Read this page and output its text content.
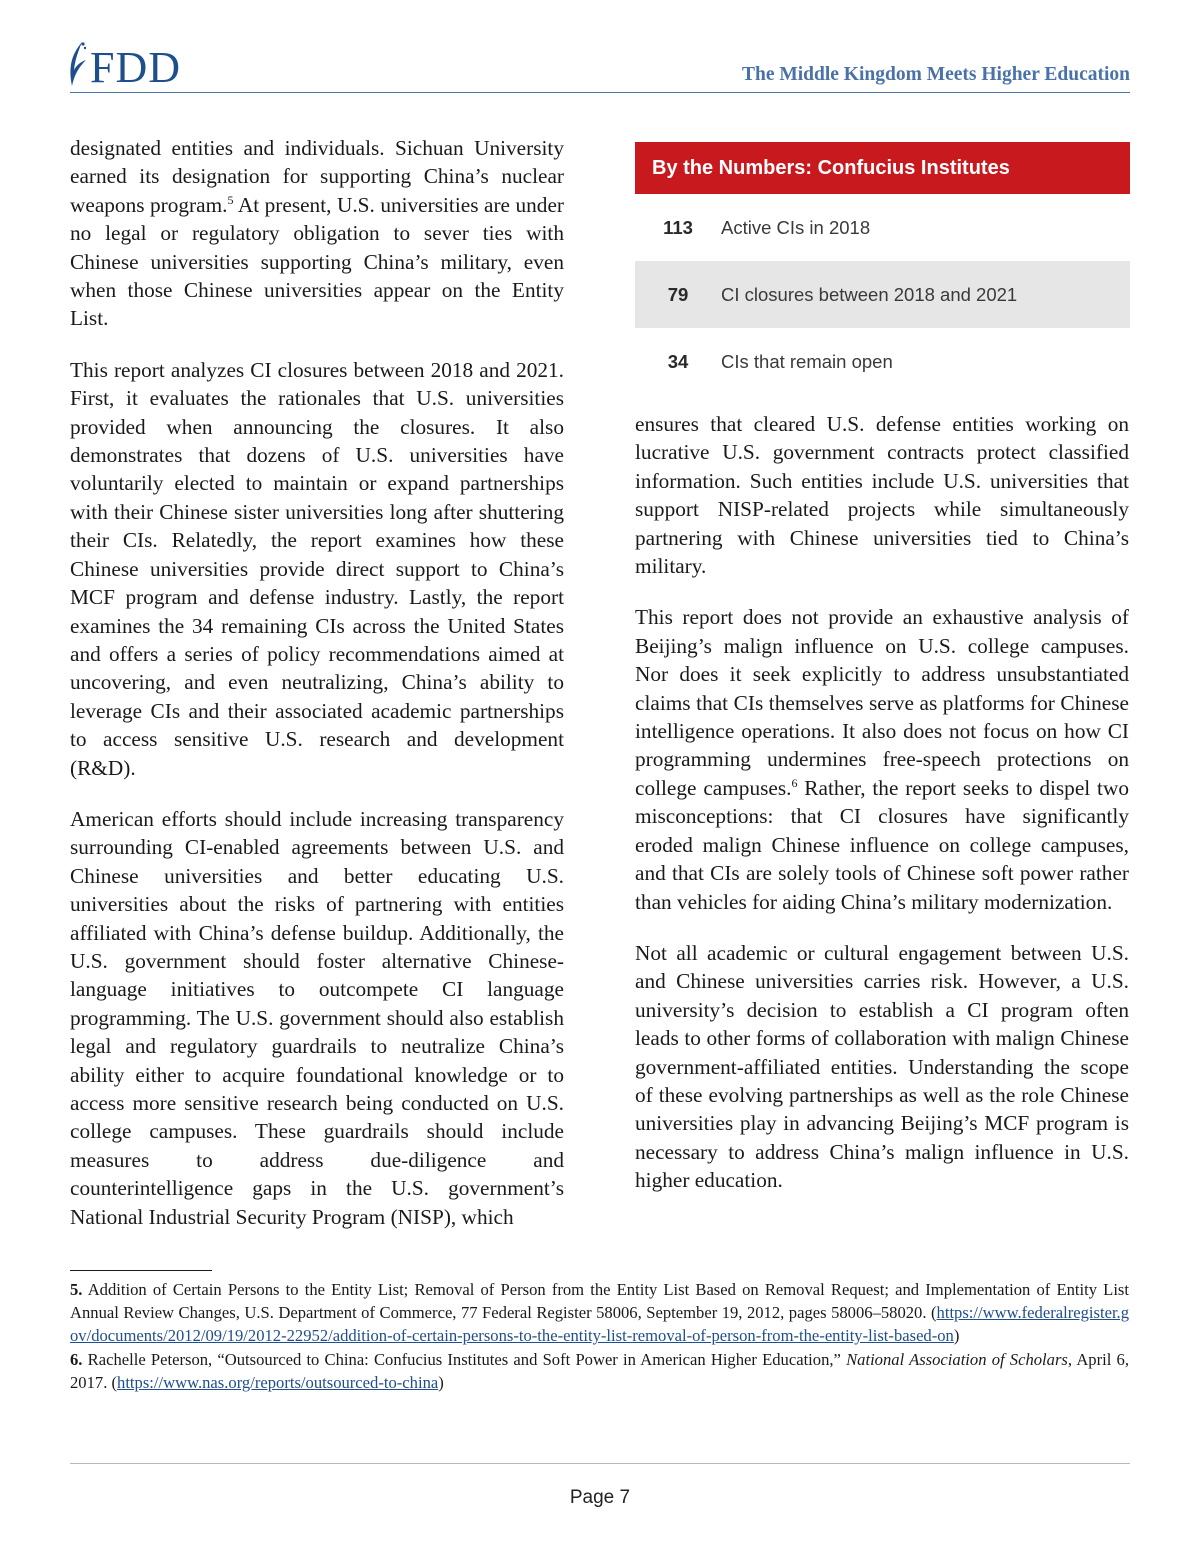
FDD	The Middle Kingdom Meets Higher Education

designated entities and individuals. Sichuan University earned its designation for supporting China’s nuclear weapons program.$^5$ At present, U.S. universities are under no legal or regulatory obligation to sever ties with Chinese universities supporting China’s military, even when those Chinese universities appear on the Entity List.

This report analyzes CI closures between 2018 and 2021. First, it evaluates the rationales that U.S. universities provided when announcing the closures. It also demonstrates that dozens of U.S. universities have voluntarily elected to maintain or expand partnerships with their Chinese sister universities long after shuttering their CIs. Relatedly, the report examines how these Chinese universities provide direct support to China’s MCF program and defense industry. Lastly, the report examines the 34 remaining CIs across the United States and offers a series of policy recommendations aimed at uncovering, and even neutralizing, China’s ability to leverage CIs and their associated academic partnerships to access sensitive U.S. research and development (R&D).

American efforts should include increasing transparency surrounding CI-enabled agreements between U.S. and Chinese universities and better educating U.S. universities about the risks of partnering with entities affiliated with China’s defense buildup. Additionally, the U.S. government should foster alternative Chinese-language initiatives to outcompete CI language programming. The U.S. government should also establish legal and regulatory guardrails to neutralize China’s ability either to acquire foundational knowledge or to access more sensitive research being conducted on U.S. college campuses. These guardrails should include measures to address due-diligence and counterintelligence gaps in the U.S. government’s National Industrial Security Program (NISP), which

By the Numbers: Confucius Institutes
113	Active CIs in 2018
79	CI closures between 2018 and 2021
34	CIs that remain open

ensures that cleared U.S. defense entities working on lucrative U.S. government contracts protect classified information. Such entities include U.S. universities that support NISP-related projects while simultaneously partnering with Chinese universities tied to China’s military.

This report does not provide an exhaustive analysis of Beijing’s malign influence on U.S. college campuses. Nor does it seek explicitly to address unsubstantiated claims that CIs themselves serve as platforms for Chinese intelligence operations. It also does not focus on how CI programming undermines free-speech protections on college campuses.$^6$ Rather, the report seeks to dispel two misconceptions: that CI closures have significantly eroded malign Chinese influence on college campuses, and that CIs are solely tools of Chinese soft power rather than vehicles for aiding China’s military modernization.

Not all academic or cultural engagement between U.S. and Chinese universities carries risk. However, a U.S. university’s decision to establish a CI program often leads to other forms of collaboration with malign Chinese government-affiliated entities. Understanding the scope of these evolving partnerships as well as the role Chinese universities play in advancing Beijing’s MCF program is necessary to address China’s malign influence in U.S. higher education.

5. Addition of Certain Persons to the Entity List; Removal of Person from the Entity List Based on Removal Request; and Implementation of Entity List Annual Review Changes, U.S. Department of Commerce, 77 Federal Register 58006, September 19, 2012, pages 58006–58020. (https://www.federalregister.gov/documents/2012/09/19/2012-22952/addition-of-certain-persons-to-the-entity-list-removal-of-person-from-the-entity-list-based-on)

6. Rachelle Peterson, “Outsourced to China: Confucius Institutes and Soft Power in American Higher Education,” National Association of Scholars, April 6, 2017. (https://www.nas.org/reports/outsourced-to-china)

Page 7
